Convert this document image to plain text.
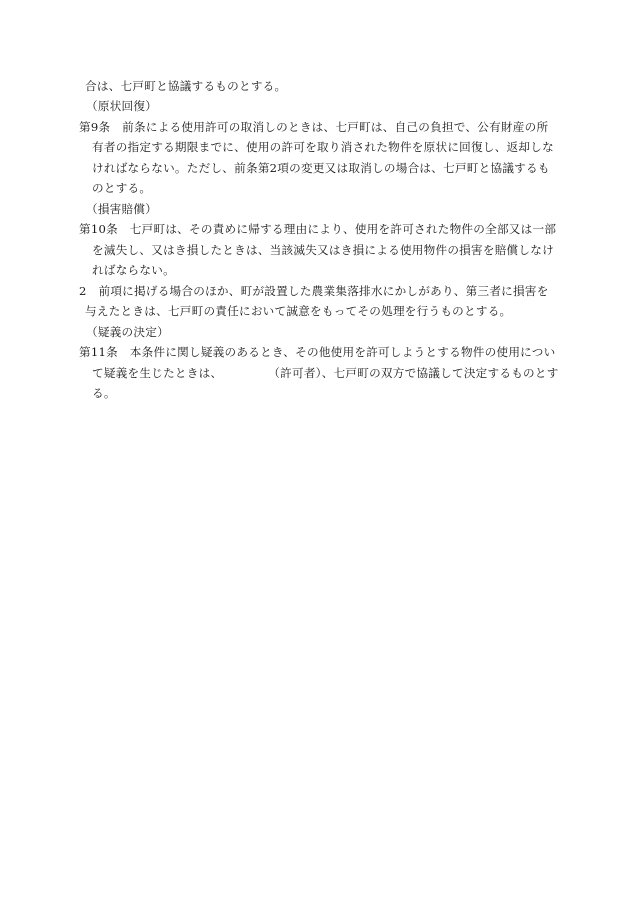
合は、七戸町と協議するものとする。
（原状回復）
第9条　前条による使用許可の取消しのときは、七戸町は、自己の負担で、公有財産の所
有者の指定する期限までに、使用の許可を取り消された物件を原状に回復し、返却しな
ければならない。ただし、前条第2項の変更又は取消しの場合は、七戸町と協議するも
のとする。
（損害賠償）
第10条　七戸町は、その責めに帰する理由により、使用を許可された物件の全部又は一部
を滅失し、又はき損したときは、当該滅失又はき損による使用物件の損害を賠償しなけ
ればならない。
2　前項に掲げる場合のほか、町が設置した農業集落排水にかしがあり、第三者に損害を
与えたときは、七戸町の責任において誠意をもってその処理を行うものとする。
（疑義の決定）
第11条　本条件に関し疑義のあるとき、その他使用を許可しようとする物件の使用につい
て疑義を生じたときは、	（許可者）、七戸町の双方で協議して決定するものとす
る。
